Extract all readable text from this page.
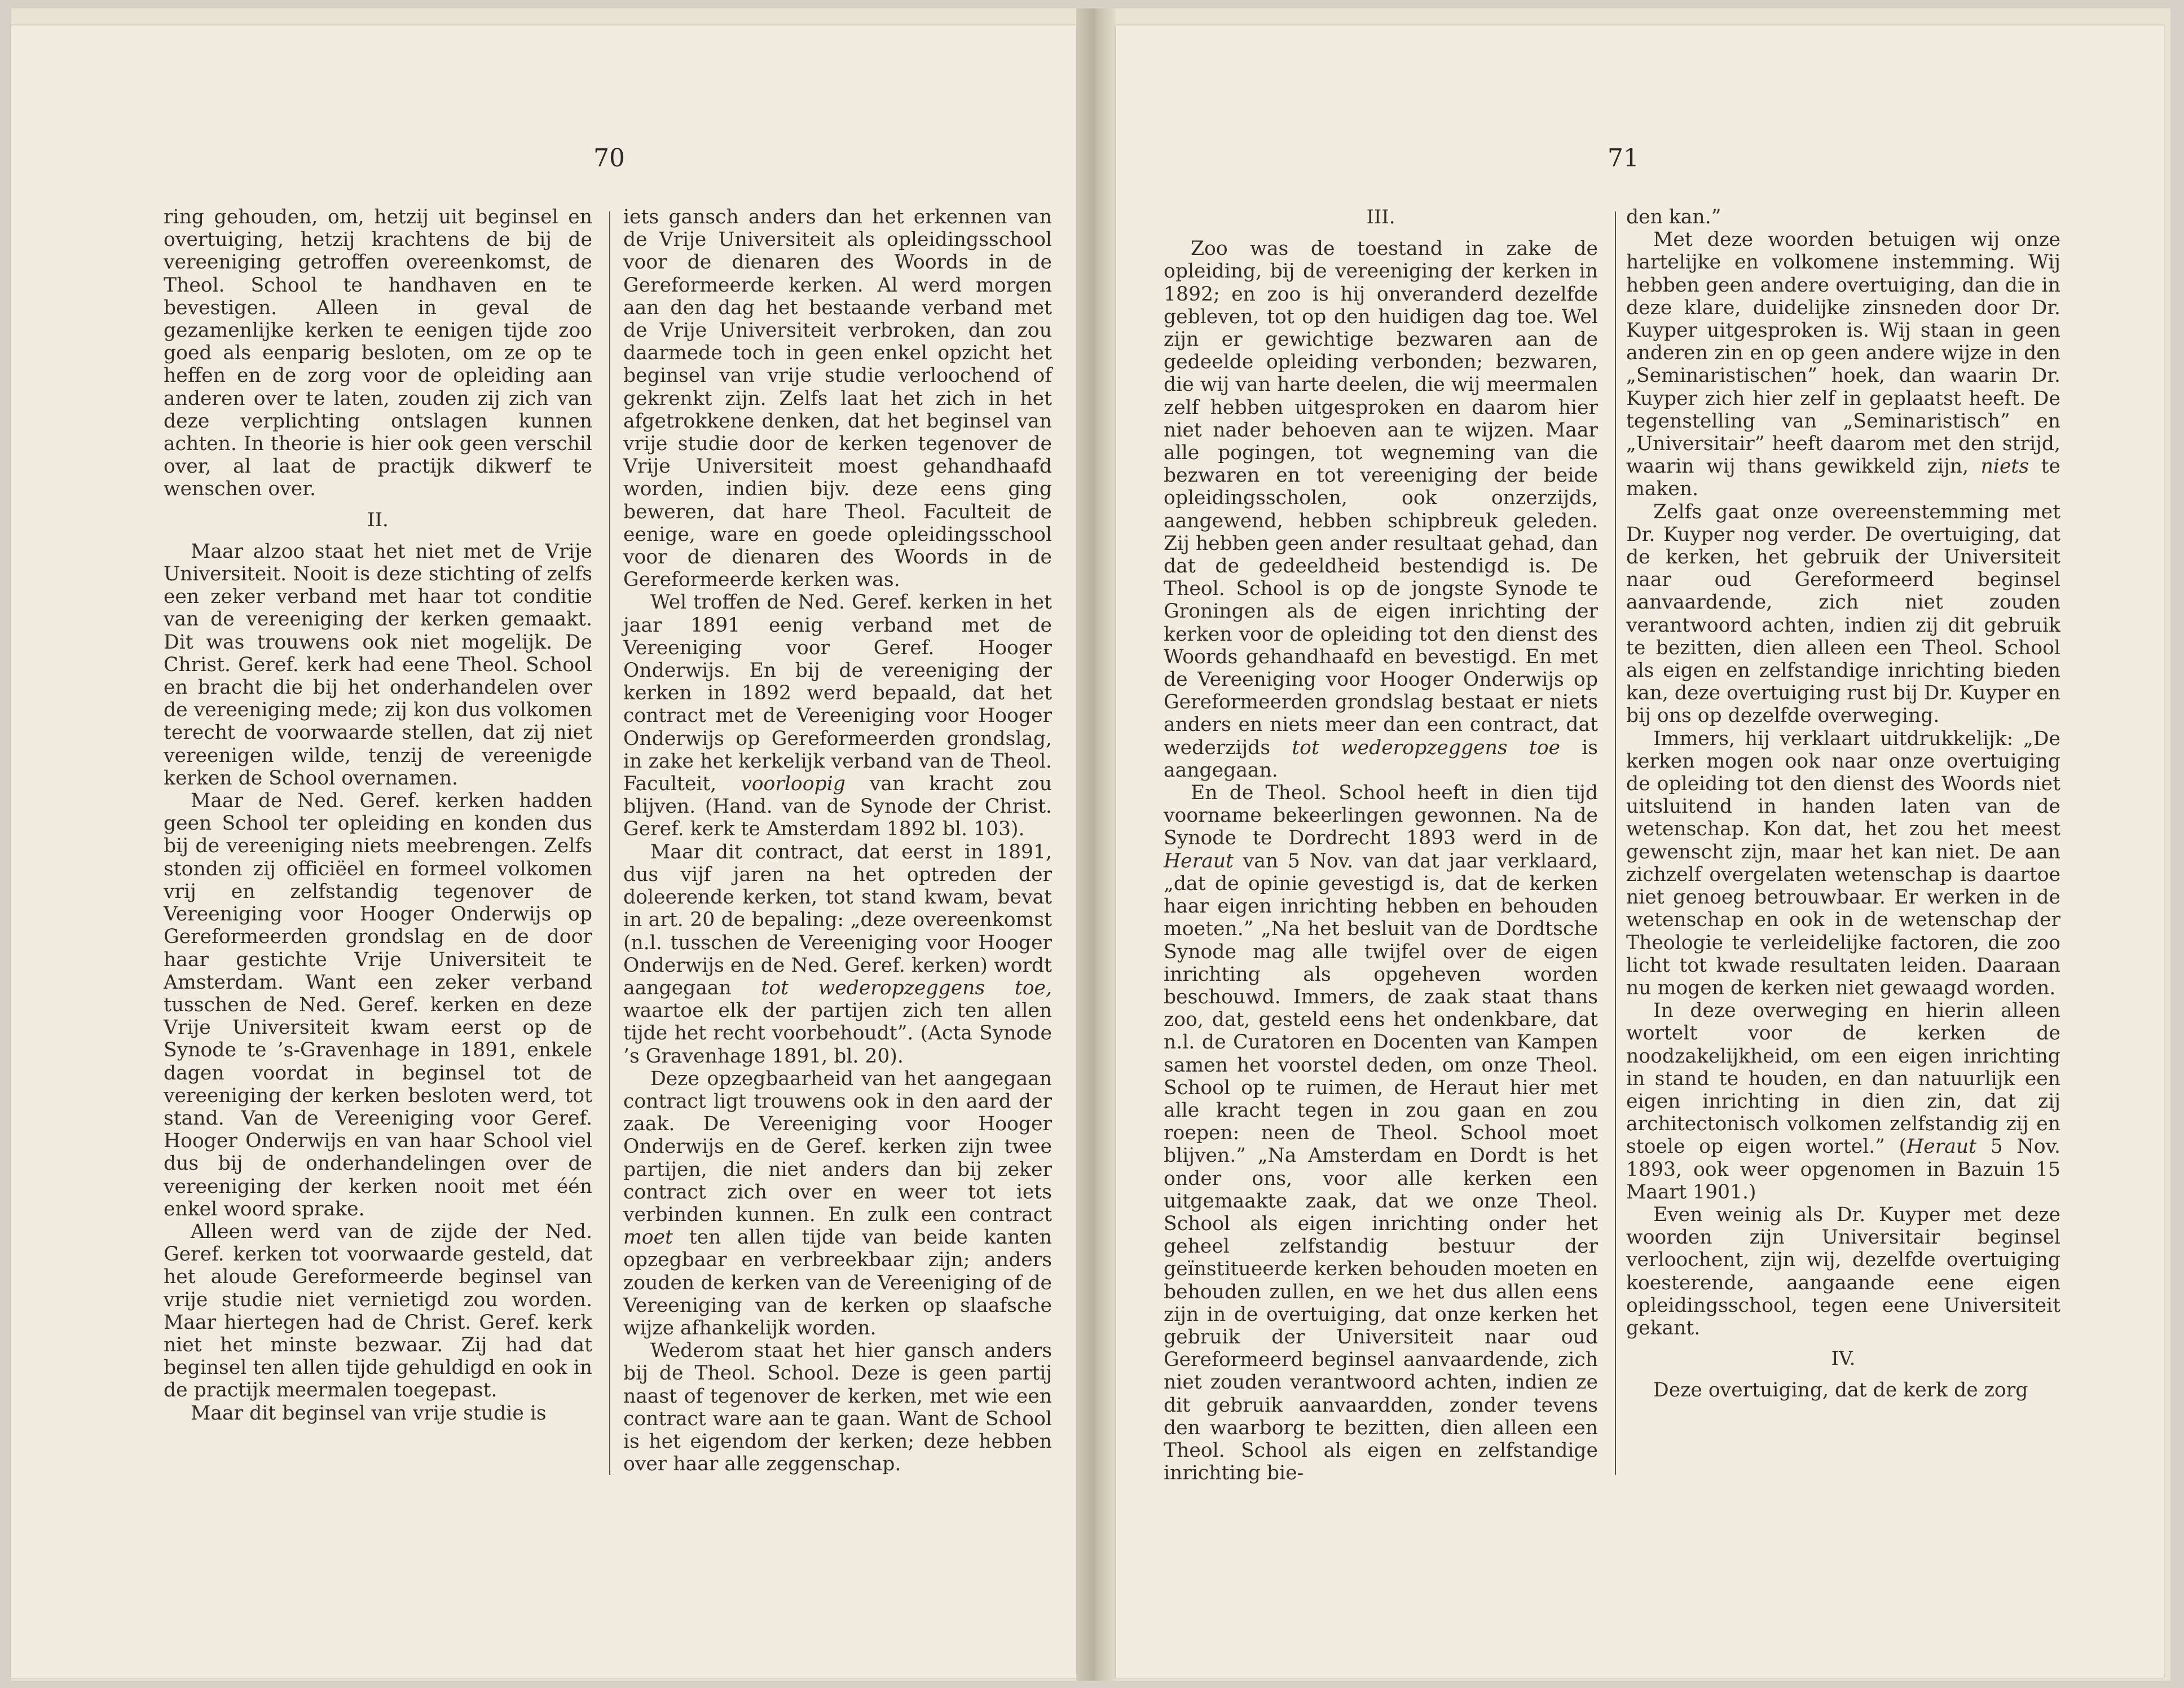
70

ring gehouden, om, hetzij uit beginsel en overtuiging, hetzij krachtens de bij de vereeniging getroffen overeenkomst, de Theol. School te handhaven en te bevestigen. Alleen in geval de gezamenlijke kerken te eenigen tijde zoo goed als eenparig besloten, om ze op te heffen en de zorg voor de opleiding aan anderen over te laten, zouden zij zich van deze verplichting ontslagen kunnen achten. In theorie is hier ook geen verschil over, al laat de practijk dikwerf te wenschen over.

II.

Maar alzoo staat het niet met de Vrije Universiteit. Nooit is deze stichting of zelfs een zeker verband met haar tot conditie van de vereeniging der kerken gemaakt. Dit was trouwens ook niet mogelijk. De Christ. Geref. kerk had eene Theol. School en bracht die bij het onderhandelen over de vereeniging mede; zij kon dus volkomen terecht de voorwaarde stellen, dat zij niet vereenigen wilde, tenzij de vereenigde kerken de School overnamen.

Maar de Ned. Geref. kerken hadden geen School ter opleiding en konden dus bij de vereeniging niets meebrengen. Zelfs stonden zij officiëel en formeel volkomen vrij en zelfstandig tegenover de Vereeniging voor Hooger Onderwijs op Gereformeerden grondslag en de door haar gestichte Vrije Universiteit te Amsterdam. Want een zeker verband tusschen de Ned. Geref. kerken en deze Vrije Universiteit kwam eerst op de Synode te ’s-Gravenhage in 1891, enkele dagen voordat in beginsel tot de vereeniging der kerken besloten werd, tot stand. Van de Vereeniging voor Geref. Hooger Onderwijs en van haar School viel dus bij de onderhandelingen over de vereeniging der kerken nooit met één enkel woord sprake.

Alleen werd van de zijde der Ned. Geref. kerken tot voorwaarde gesteld, dat het aloude Gereformeerde beginsel van vrije studie niet vernietigd zou worden. Maar hiertegen had de Christ. Geref. kerk niet het minste bezwaar. Zij had dat beginsel ten allen tijde gehuldigd en ook in de practijk meermalen toegepast.

Maar dit beginsel van vrije studie is

iets gansch anders dan het erkennen van de Vrije Universiteit als opleidingsschool voor de dienaren des Woords in de Gereformeerde kerken. Al werd morgen aan den dag het bestaande verband met de Vrije Universiteit verbroken, dan zou daarmede toch in geen enkel opzicht het beginsel van vrije studie verloochend of gekrenkt zijn. Zelfs laat het zich in het afgetrokkene denken, dat het beginsel van vrije studie door de kerken tegenover de Vrije Universiteit moest gehandhaafd worden, indien bijv. deze eens ging beweren, dat hare Theol. Faculteit de eenige, ware en goede opleidingsschool voor de dienaren des Woords in de Gereformeerde kerken was.

Wel troffen de Ned. Geref. kerken in het jaar 1891 eenig verband met de Vereeniging voor Geref. Hooger Onderwijs. En bij de vereeniging der kerken in 1892 werd bepaald, dat het contract met de Vereeniging voor Hooger Onderwijs op Gereformeerden grondslag, in zake het kerkelijk verband van de Theol. Faculteit, voorloopig van kracht zou blijven. (Hand. van de Synode der Christ. Geref. kerk te Amsterdam 1892 bl. 103).

Maar dit contract, dat eerst in 1891, dus vijf jaren na het optreden der doleerende kerken, tot stand kwam, bevat in art. 20 de bepaling: „deze overeenkomst (n.l. tusschen de Vereeniging voor Hooger Onderwijs en de Ned. Geref. kerken) wordt aangegaan tot wederopzeggens toe, waartoe elk der partijen zich ten allen tijde het recht voorbehoudt”. (Acta Synode ’s Gravenhage 1891, bl. 20).

Deze opzegbaarheid van het aangegaan contract ligt trouwens ook in den aard der zaak. De Vereeniging voor Hooger Onderwijs en de Geref. kerken zijn twee partijen, die niet anders dan bij zeker contract zich over en weer tot iets verbinden kunnen. En zulk een contract moet ten allen tijde van beide kanten opzegbaar en verbreekbaar zijn; anders zouden de kerken van de Vereeniging of de Vereeniging van de kerken op slaafsche wijze afhankelijk worden.

Wederom staat het hier gansch anders bij de Theol. School. Deze is geen partij naast of tegenover de kerken, met wie een contract ware aan te gaan. Want de School is het eigendom der kerken; deze hebben over haar alle zeggenschap.

71

III.

Zoo was de toestand in zake de opleiding, bij de vereeniging der kerken in 1892; en zoo is hij onveranderd dezelfde gebleven, tot op den huidigen dag toe. Wel zijn er gewichtige bezwaren aan de gedeelde opleiding verbonden; bezwaren, die wij van harte deelen, die wij meermalen zelf hebben uitgesproken en daarom hier niet nader behoeven aan te wijzen. Maar alle pogingen, tot wegneming van die bezwaren en tot vereeniging der beide opleidingsscholen, ook onzerzijds, aangewend, hebben schipbreuk geleden. Zij hebben geen ander resultaat gehad, dan dat de gedeeldheid bestendigd is. De Theol. School is op de jongste Synode te Groningen als de eigen inrichting der kerken voor de opleiding tot den dienst des Woords gehandhaafd en bevestigd. En met de Vereeniging voor Hooger Onderwijs op Gereformeerden grondslag bestaat er niets anders en niets meer dan een contract, dat wederzijds tot wederopzeggens toe is aangegaan.

En de Theol. School heeft in dien tijd voorname bekeerlingen gewonnen. Na de Synode te Dordrecht 1893 werd in de Heraut van 5 Nov. van dat jaar verklaard, „dat de opinie gevestigd is, dat de kerken haar eigen inrichting hebben en behouden moeten.” „Na het besluit van de Dordtsche Synode mag alle twijfel over de eigen inrichting als opgeheven worden beschouwd. Immers, de zaak staat thans zoo, dat, gesteld eens het ondenkbare, dat n.l. de Curatoren en Docenten van Kampen samen het voorstel deden, om onze Theol. School op te ruimen, de Heraut hier met alle kracht tegen in zou gaan en zou roepen: neen de Theol. School moet blijven.” „Na Amsterdam en Dordt is het onder ons, voor alle kerken een uitgemaakte zaak, dat we onze Theol. School als eigen inrichting onder het geheel zelfstandig bestuur der geïnstitueerde kerken behouden moeten en behouden zullen, en we het dus allen eens zijn in de overtuiging, dat onze kerken het gebruik der Universiteit naar oud Gereformeerd beginsel aanvaardende, zich niet zouden verantwoord achten, indien ze dit gebruik aanvaardden, zonder tevens den waarborg te bezitten, dien alleen een Theol. School als eigen en zelfstandige inrichting bie-

den kan.”

Met deze woorden betuigen wij onze hartelijke en volkomene instemming. Wij hebben geen andere overtuiging, dan die in deze klare, duidelijke zinsneden door Dr. Kuyper uitgesproken is. Wij staan in geen anderen zin en op geen andere wijze in den „Seminaristischen” hoek, dan waarin Dr. Kuyper zich hier zelf in geplaatst heeft. De tegenstelling van „Seminaristisch” en „Universitair” heeft daarom met den strijd, waarin wij thans gewikkeld zijn, niets te maken.

Zelfs gaat onze overeenstemming met Dr. Kuyper nog verder. De overtuiging, dat de kerken, het gebruik der Universiteit naar oud Gereformeerd beginsel aanvaardende, zich niet zouden verantwoord achten, indien zij dit gebruik te bezitten, dien alleen een Theol. School als eigen en zelfstandige inrichting bieden kan, deze overtuiging rust bij Dr. Kuyper en bij ons op dezelfde overweging.

Immers, hij verklaart uitdrukkelijk: „De kerken mogen ook naar onze overtuiging de opleiding tot den dienst des Woords niet uitsluitend in handen laten van de wetenschap. Kon dat, het zou het meest gewenscht zijn, maar het kan niet. De aan zichzelf overgelaten wetenschap is daartoe niet genoeg betrouwbaar. Er werken in de wetenschap en ook in de wetenschap der Theologie te verleidelijke factoren, die zoo licht tot kwade resultaten leiden. Daaraan nu mogen de kerken niet gewaagd worden.

In deze overweging en hierin alleen wortelt voor de kerken de noodzakelijkheid, om een eigen inrichting in stand te houden, en dan natuurlijk een eigen inrichting in dien zin, dat zij architectonisch volkomen zelfstandig zij en stoele op eigen wortel.” (Heraut 5 Nov. 1893, ook weer opgenomen in Bazuin 15 Maart 1901.)

Even weinig als Dr. Kuyper met deze woorden zijn Universitair beginsel verloochent, zijn wij, dezelfde overtuiging koesterende, aangaande eene eigen opleidingsschool, tegen eene Universiteit gekant.

IV.

Deze overtuiging, dat de kerk de zorg
